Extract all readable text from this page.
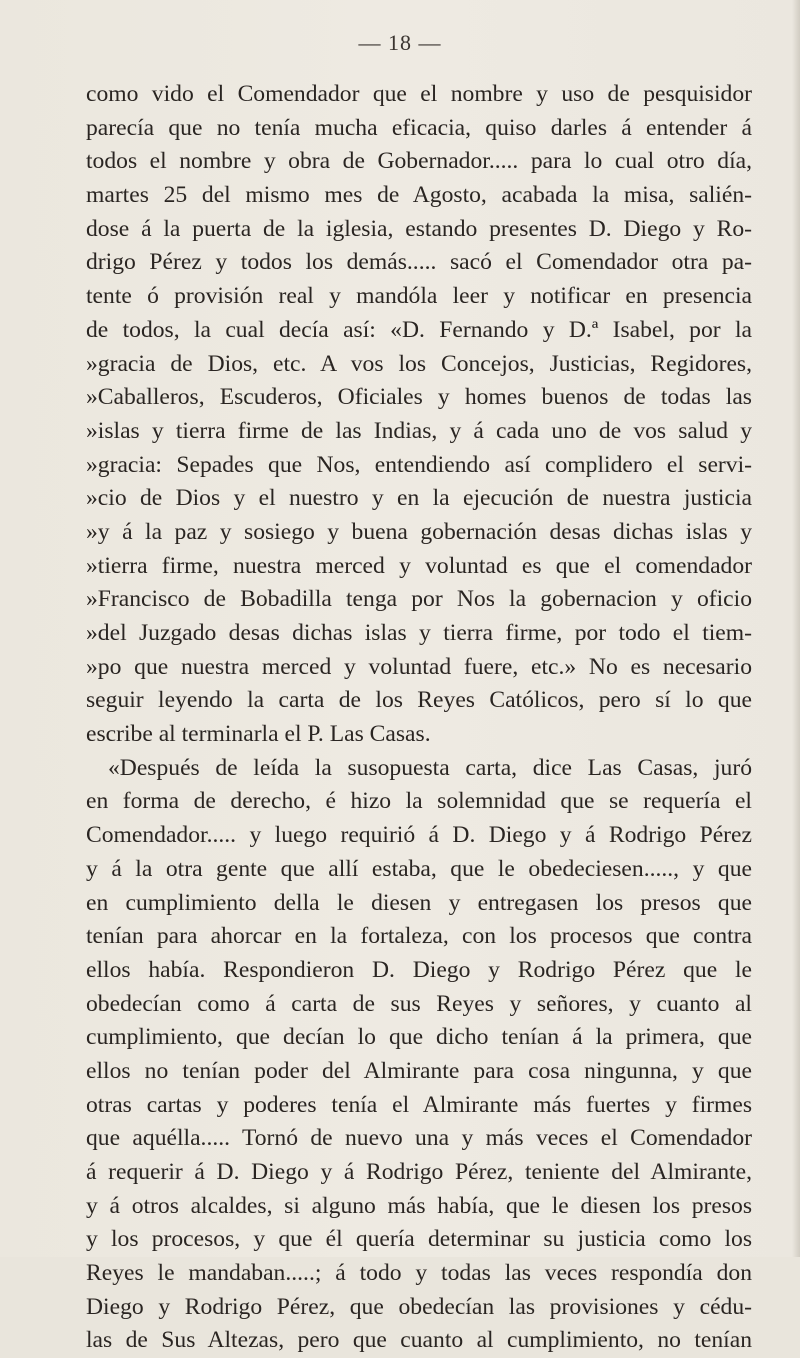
— 18 —
como vido el Comendador que el nombre y uso de pesquisidor
parecía que no tenía mucha eficacia, quiso darles á entender á
todos el nombre y obra de Gobernador..... para lo cual otro día,
martes 25 del mismo mes de Agosto, acabada la misa, salién-
dose á la puerta de la iglesia, estando presentes D. Diego y Ro-
drigo Pérez y todos los demás..... sacó el Comendador otra pa-
tente ó provisión real y mandóla leer y notificar en presencia
de todos, la cual decía así: «D. Fernando y D.ª Isabel, por la
»gracia de Dios, etc. A vos los Concejos, Justicias, Regidores,
»Caballeros, Escuderos, Oficiales y homes buenos de todas las
»islas y tierra firme de las Indias, y á cada uno de vos salud y
»gracia: Sepades que Nos, entendiendo así complidero el servi-
»cio de Dios y el nuestro y en la ejecución de nuestra justicia
»y á la paz y sosiego y buena gobernación desas dichas islas y
»tierra firme, nuestra merced y voluntad es que el comendador
»Francisco de Bobadilla tenga por Nos la gobernacion y oficio
»del Juzgado desas dichas islas y tierra firme, por todo el tiem-
»po que nuestra merced y voluntad fuere, etc.» No es necesario
seguir leyendo la carta de los Reyes Católicos, pero sí lo que
escribe al terminarla el P. Las Casas.
«Después de leída la susopuesta carta, dice Las Casas, juró
en forma de derecho, é hizo la solemnidad que se requería el
Comendador..... y luego requirió á D. Diego y á Rodrigo Pérez
y á la otra gente que allí estaba, que le obedeciesen....., y que
en cumplimiento della le diesen y entregasen los presos que
tenían para ahorcar en la fortaleza, con los procesos que contra
ellos había. Respondieron D. Diego y Rodrigo Pérez que le
obedecían como á carta de sus Reyes y señores, y cuanto al
cumplimiento, que decían lo que dicho tenían á la primera, que
ellos no tenían poder del Almirante para cosa ningunna, y que
otras cartas y poderes tenía el Almirante más fuertes y firmes
que aquélla..... Tornó de nuevo una y más veces el Comendador
á requerir á D. Diego y á Rodrigo Pérez, teniente del Almirante,
y á otros alcaldes, si alguno más había, que le diesen los presos
y los procesos, y que él quería determinar su justicia como los
Reyes le mandaban.....; á todo y todas las veces respondía don
Diego y Rodrigo Pérez, que obedecían las provisiones y cédu-
las de Sus Altezas, pero que cuanto al cumplimiento, no tenían
